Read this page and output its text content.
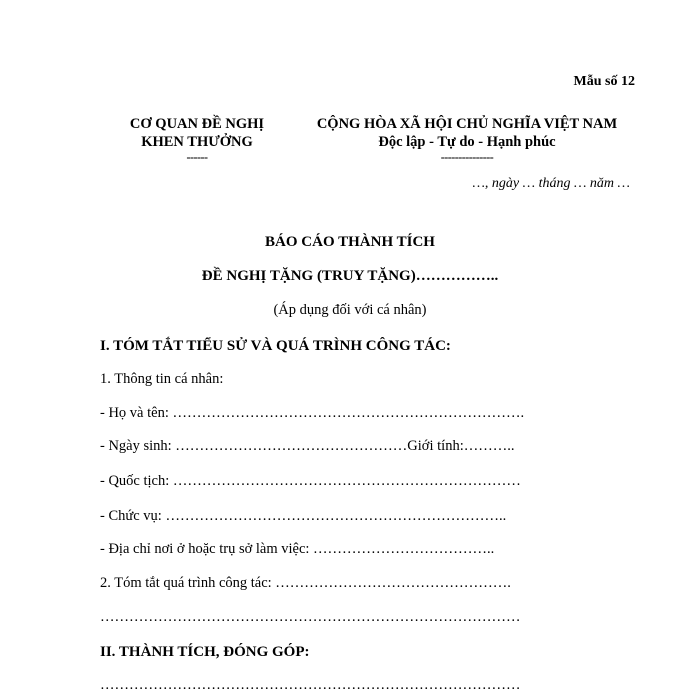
Mẫu số 12
CƠ QUAN ĐỀ NGHỊ
KHEN THƯỞNG
------
CỘNG HÒA XÃ HỘI CHỦ NGHĨA VIỆT NAM
Độc lập - Tự do - Hạnh phúc
---------------
…, ngày … tháng … năm …
BÁO CÁO THÀNH TÍCH
ĐỀ NGHỊ TẶNG (TRUY TẶNG)……………..
(Áp dụng đối với cá nhân)
I. TÓM TẮT TIỂU SỬ VÀ QUÁ TRÌNH CÔNG TÁC:
1. Thông tin cá nhân:
- Họ và tên: ……………………………………………………………….
- Ngày sinh: …………………………………………Giới tính:………..
- Quốc tịch: ………………………………………………………………
- Chức vụ: ……………………………………………………………..
- Địa chỉ nơi ở hoặc trụ sở làm việc: ………………………………..
2. Tóm tắt quá trình công tác: ………………………………………….
……………………………………………………………………………
II. THÀNH TÍCH, ĐÓNG GÓP:
……………………………………………………………………………
